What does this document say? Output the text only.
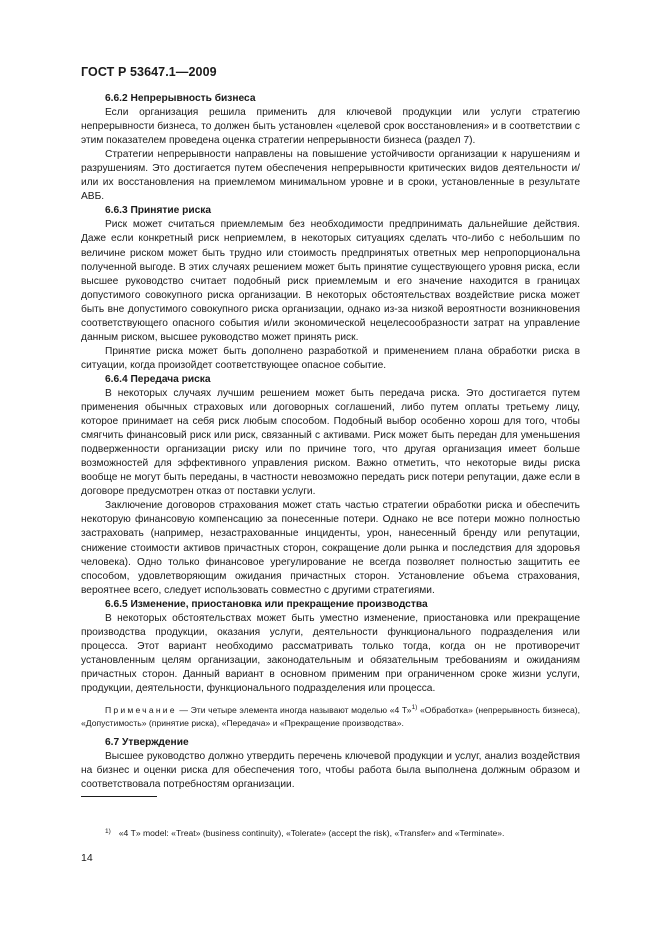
ГОСТ Р 53647.1—2009
6.6.2 Непрерывность бизнеса

Если организация решила применить для ключевой продукции или услуги стратегию непрерывности бизнеса, то должен быть установлен «целевой срок восстановления» и в соответствии с этим показателем проведена оценка стратегии непрерывности бизнеса (раздел 7).

Стратегии непрерывности направлены на повышение устойчивости организации к нарушениям и разрушениям. Это достигается путем обеспечения непрерывности критических видов деятельности и/или их восстановления на приемлемом минимальном уровне и в сроки, установленные в результате АВБ.

6.6.3 Принятие риска

Риск может считаться приемлемым без необходимости предпринимать дальнейшие действия. Даже если конкретный риск неприемлем, в некоторых ситуациях сделать что-либо с небольшим по величине риском может быть трудно или стоимость предпринятых ответных мер непропорциональна полученной выгоде. В этих случаях решением может быть принятие существующего уровня риска, если высшее руководство считает подобный риск приемлемым и его значение находится в границах допустимого совокупного риска организации. В некоторых обстоятельствах воздействие риска может быть вне допустимого совокупного риска организации, однако из-за низкой вероятности возникновения соответствующего опасного события и/или экономической нецелесообразности затрат на управление данным риском, высшее руководство может принять риск.

Принятие риска может быть дополнено разработкой и применением плана обработки риска в ситуации, когда произойдет соответствующее опасное событие.

6.6.4 Передача риска

В некоторых случаях лучшим решением может быть передача риска. Это достигается путем применения обычных страховых или договорных соглашений, либо путем оплаты третьему лицу, которое принимает на себя риск любым способом. Подобный выбор особенно хорош для того, чтобы смягчить финансовый риск или риск, связанный с активами. Риск может быть передан для уменьшения подверженности организации риску или по причине того, что другая организация имеет больше возможностей для эффективного управления риском. Важно отметить, что некоторые виды риска вообще не могут быть переданы, в частности невозможно передать риск потери репутации, даже если в договоре предусмотрен отказ от поставки услуги.

Заключение договоров страхования может стать частью стратегии обработки риска и обеспечить некоторую финансовую компенсацию за понесенные потери. Однако не все потери можно полностью застраховать (например, незастрахованные инциденты, урон, нанесенный бренду или репутации, снижение стоимости активов причастных сторон, сокращение доли рынка и последствия для здоровья человека). Одно только финансовое урегулирование не всегда позволяет полностью защитить ее способом, удовлетворяющим ожидания причастных сторон. Установление объема страхования, вероятнее всего, следует использовать совместно с другими стратегиями.

6.6.5 Изменение, приостановка или прекращение производства

В некоторых обстоятельствах может быть уместно изменение, приостановка или прекращение производства продукции, оказания услуги, деятельности функционального подразделения или процесса. Этот вариант необходимо рассматривать только тогда, когда он не противоречит установленным целям организации, законодательным и обязательным требованиям и ожиданиям причастных сторон. Данный вариант в основном применим при ограниченном сроке жизни услуги, продукции, деятельности, функционального подразделения или процесса.

Примечание — Эти четыре элемента иногда называют моделью «4 Т»$^{1)}$ «Обработка» (непрерывность бизнеса), «Допустимость» (принятие риска), «Передача» и «Прекращение производства».

6.7 Утверждение

Высшее руководство должно утвердить перечень ключевой продукции и услуг, анализ воздействия на бизнес и оценки риска для обеспечения того, чтобы работа была выполнена должным образом и соответствовала потребностям организации.

$^{1)}$ «4 T» model: «Treat» (business continuity), «Tolerate» (accept the risk), «Transfer» and «Terminate».
14
